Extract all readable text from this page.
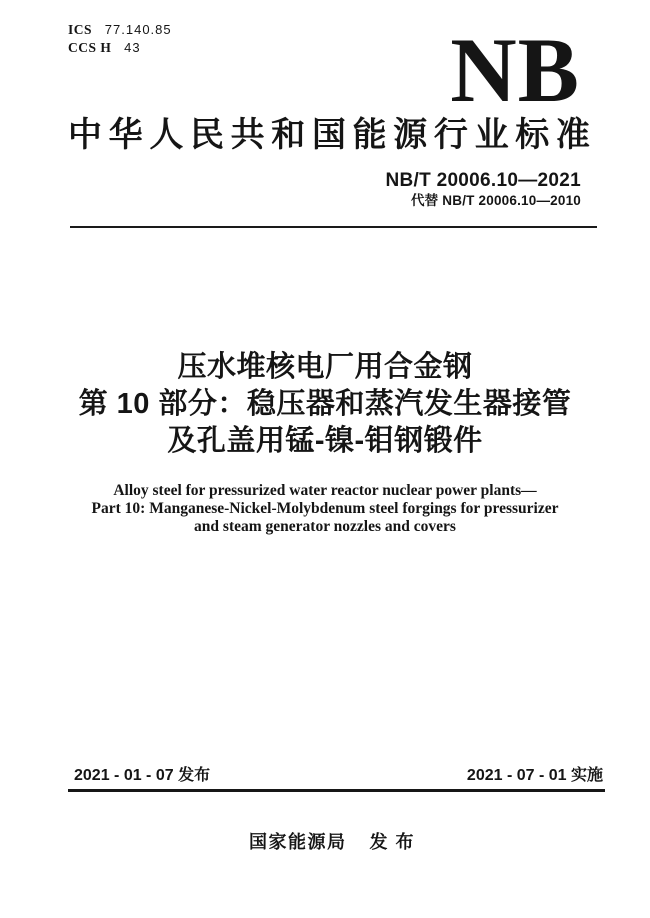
ICS 77.140.85
CCS H 43	NB
中 华 人 民 共 和 国 能 源 行 业 标 准
NB/T 20006.10—2021
代替 NB/T 20006.10—2010
压水堆核电厂用合金钢
第 10 部分：稳压器和蒸汽发生器接管
及孔盖用锰-镍-钼钢锻件
Alloy steel for pressurized water reactor nuclear power plants—
Part 10: Manganese-Nickel-Molybdenum steel forgings for pressurizer
and steam generator nozzles and covers
2021 - 01 - 07 发布	2021 - 07 - 01 实施
国家能源局 发 布
